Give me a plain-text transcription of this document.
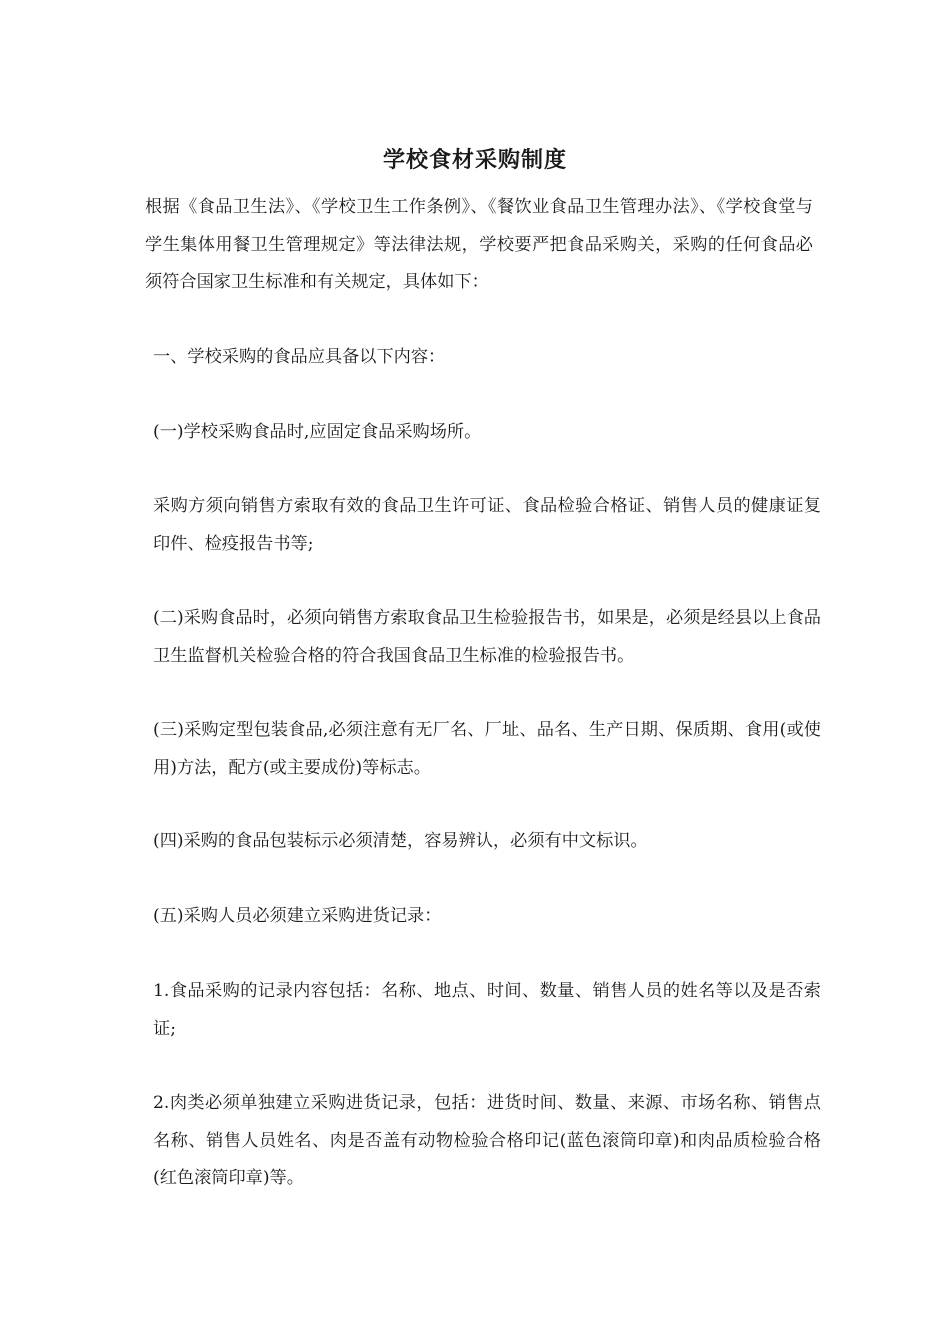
学校食材采购制度

根据《食品卫生法》、《学校卫生工作条例》、《餐饮业食品卫生管理办法》、《学校食堂与学生集体用餐卫生管理规定》等法律法规，学校要严把食品采购关，采购的任何食品必须符合国家卫生标准和有关规定，具体如下：

一、学校采购的食品应具备以下内容：

(一)学校采购食品时,应固定食品采购场所。

采购方须向销售方索取有效的食品卫生许可证、食品检验合格证、销售人员的健康证复印件、检疫报告书等;

(二)采购食品时，必须向销售方索取食品卫生检验报告书，如果是，必须是经县以上食品卫生监督机关检验合格的符合我国食品卫生标准的检验报告书。

(三)采购定型包装食品,必须注意有无厂名、厂址、品名、生产日期、保质期、食用(或使用)方法，配方(或主要成份)等标志。

(四)采购的食品包装标示必须清楚，容易辨认，必须有中文标识。

(五)采购人员必须建立采购进货记录：

1.食品采购的记录内容包括：名称、地点、时间、数量、销售人员的姓名等以及是否索证;

2.肉类必须单独建立采购进货记录，包括：进货时间、数量、来源、市场名称、销售点名称、销售人员姓名、肉是否盖有动物检验合格印记(蓝色滚筒印章)和肉品质检验合格(红色滚筒印章)等。
